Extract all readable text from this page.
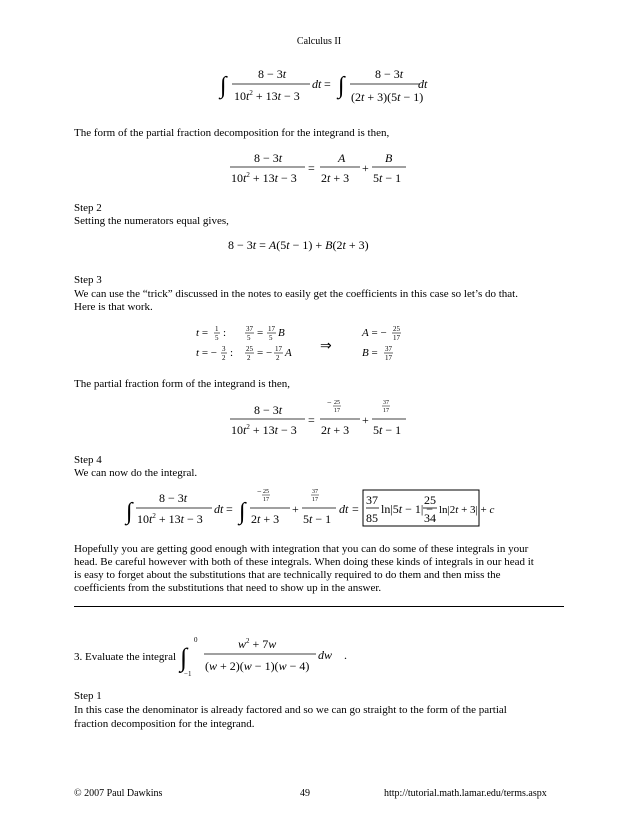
Calculus II
∫	8 − 3t
$10t^2 + 13t - 3$
dt = ∫	8 − 3t
(2t + 3)(5t − 1)
dt
The form of the partial fraction decomposition for the integrand is then,
8 − 3t
$10t^2 + 13t - 3$
=
A
2t + 3
+
B
5t − 1
Step 2
Setting the numerators equal gives,
8 − 3t = A(5t − 1) + B(2t + 3)
Step 3
We can use the “trick” discussed in the notes to easily get the coefficients in this case so let’s do that.
Here is that work.
t = 1
5 :	37
5 = 17
5 B
t = − 3
2 : 25
2 = − 17
2 A ⇒
A = − 25
17
B = 37
17
The partial fraction form of the integrand is then,
8 − 3t
$10t^2 + 13t - 3$
=
− 25
17
2t + 3
+
37
17
5t − 1
Step 4
We can now do the integral.
∫
8 − 3t
$10t^2 + 13t - 3$
dt = ∫
− 25
17
2t + 3
+
37
17
5t − 1
dt =
37
85
ln|5t − 1| −
25
34
ln|2t + 3| + c
Hopefully you are getting good enough with integration that you can do some of these integrals in your
head. Be careful however with both of these integrals. When doing these kinds of integrals in our head it
is easy to forget about the substitutions that are technically required to do them and then miss the
coefficients from the substitutions that need to show up in the answer.
3. Evaluate the integral ∫
0
−1
$w^2 + 7w$
(w + 2)(w − 1)(w − 4)
dw .
Step 1
In this case the denominator is already factored and so we can go straight to the form of the partial
fraction decomposition for the integrand.
© 2007 Paul Dawkins	49	http://tutorial.math.lamar.edu/terms.aspx
